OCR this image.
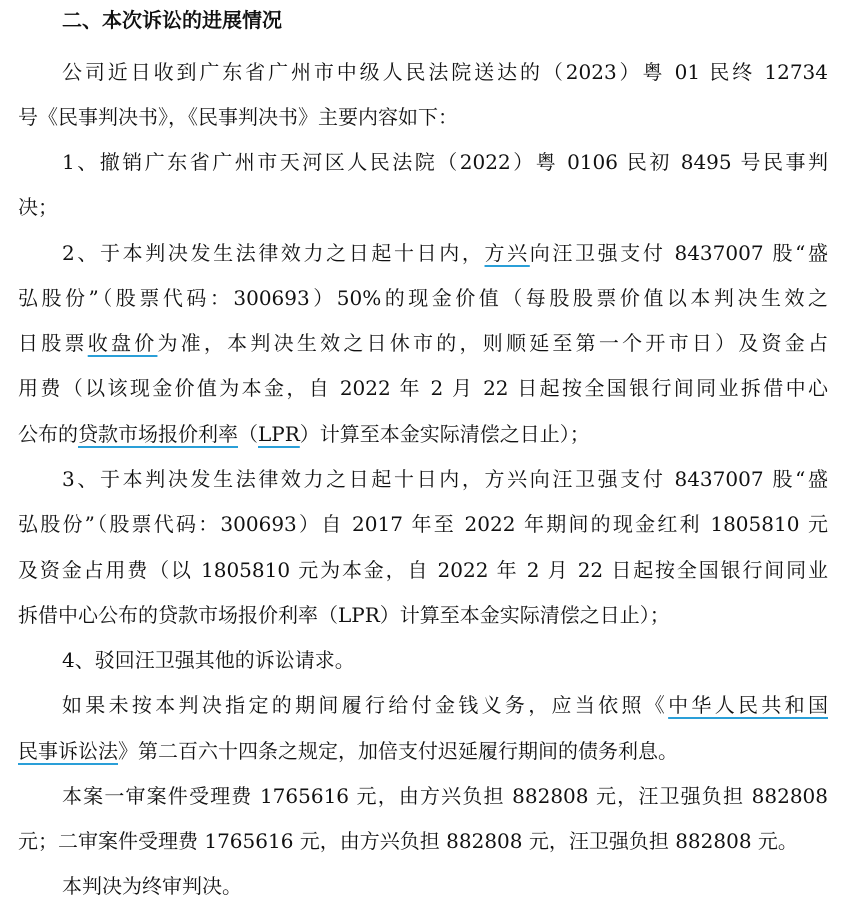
二、本次诉讼的进展情况
公司近日收到广东省广州市中级人民法院送达的（2023）粤 01 民终 12734
号《民事判决书》，《民事判决书》主要内容如下：
1、撤销广东省广州市天河区人民法院（2022）粤 0106 民初 8495 号民事判
决；
2、于本判决发生法律效力之日起十日内，方兴向汪卫强支付 8437007 股“盛
弘股份”（股票代码：300693）50%的现金价值（每股股票价值以本判决生效之
日股票收盘价为准，本判决生效之日休市的，则顺延至第一个开市日）及资金占
用费（以该现金价值为本金，自 2022 年 2 月 22 日起按全国银行间同业拆借中心
公布的贷款市场报价利率（LPR）计算至本金实际清偿之日止）；
3、于本判决发生法律效力之日起十日内，方兴向汪卫强支付 8437007 股“盛
弘股份”（股票代码：300693）自 2017 年至 2022 年期间的现金红利 1805810 元
及资金占用费（以 1805810 元为本金，自 2022 年 2 月 22 日起按全国银行间同业
拆借中心公布的贷款市场报价利率（LPR）计算至本金实际清偿之日止）；
4、驳回汪卫强其他的诉讼请求。
如果未按本判决指定的期间履行给付金钱义务，应当依照《中华人民共和国
民事诉讼法》第二百六十四条之规定，加倍支付迟延履行期间的债务利息。
本案一审案件受理费 1765616 元，由方兴负担 882808 元，汪卫强负担 882808
元；二审案件受理费 1765616 元，由方兴负担 882808 元，汪卫强负担 882808 元。
本判决为终审判决。
